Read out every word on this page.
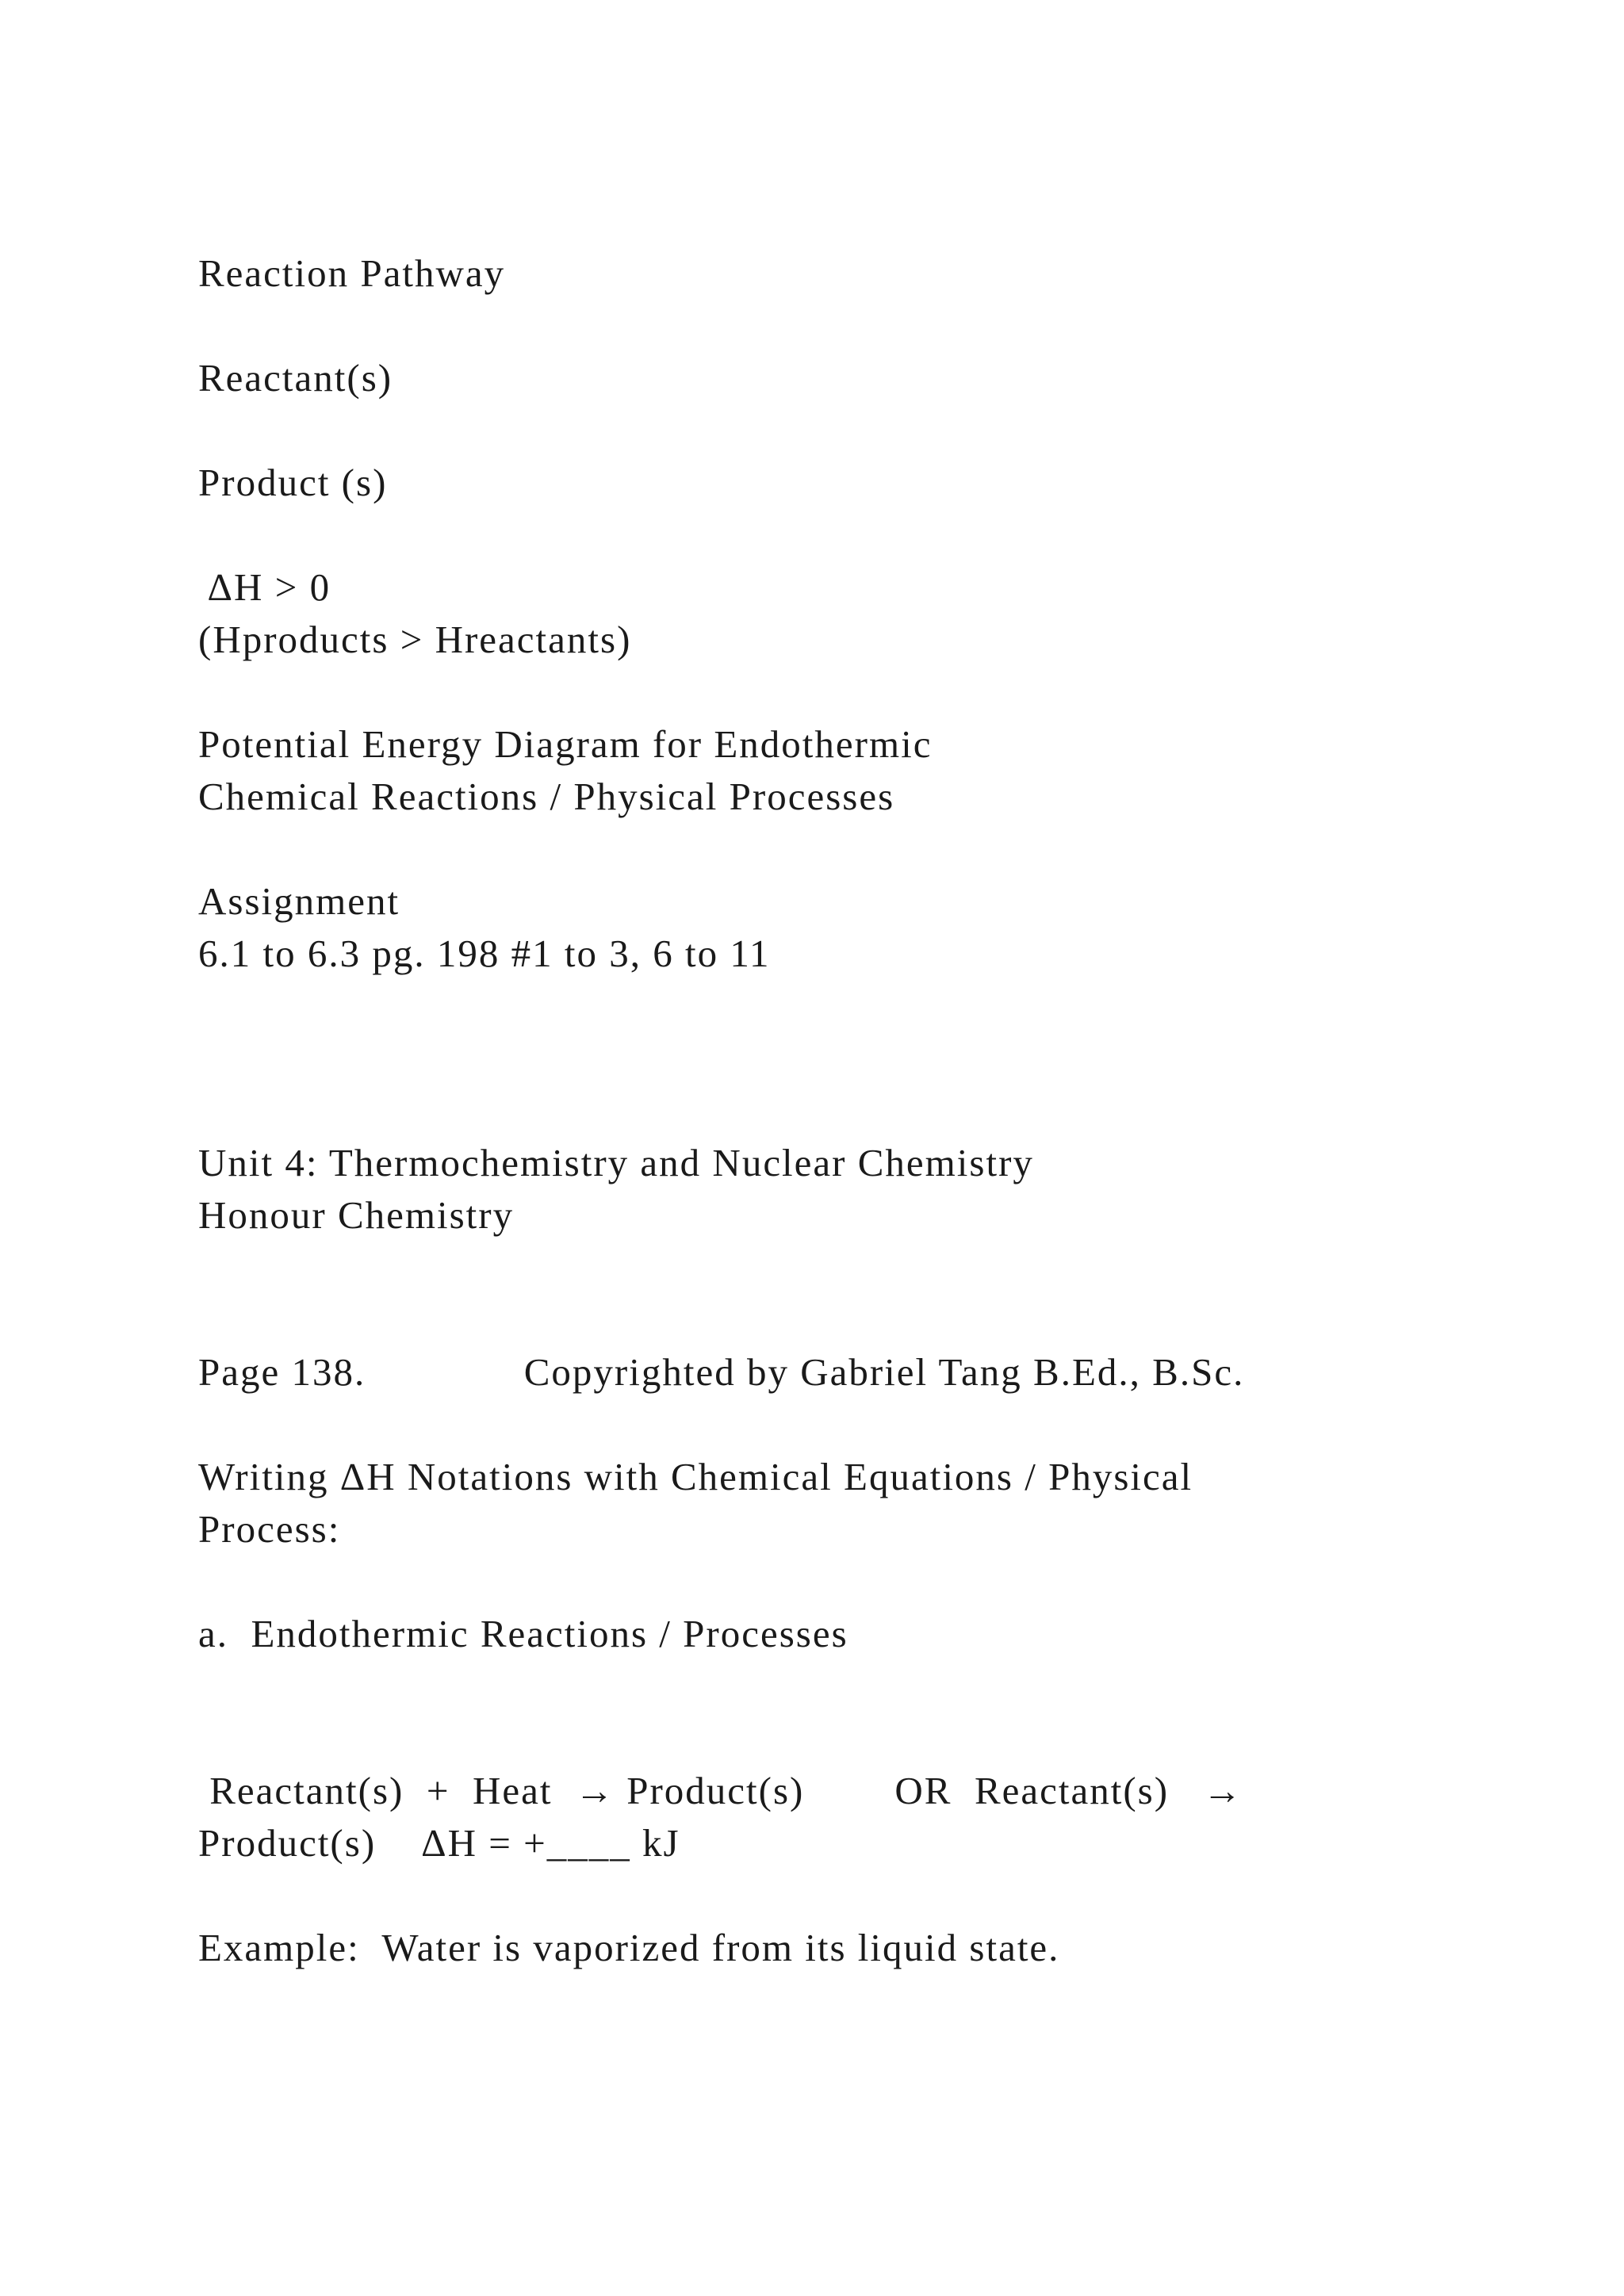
Reaction Pathway

Reactant(s)

Product (s)

ΔH > 0

(Hproducts > Hreactants)

Potential Energy Diagram for Endothermic

Chemical Reactions / Physical Processes

Assignment

6.1 to 6.3 pg. 198 #1 to 3, 6 to 11

Unit 4: Thermochemistry and Nuclear Chemistry

Honour Chemistry

Page 138.              Copyrighted by Gabriel Tang B.Ed., B.Sc.

Writing ΔH Notations with Chemical Equations / Physical

Process:

a.  Endothermic Reactions / Processes

Reactant(s)  +  Heat  → Product(s)        OR  Reactant(s)   →

Product(s)    ΔH = +____ kJ

Example:  Water is vaporized from its liquid state.
